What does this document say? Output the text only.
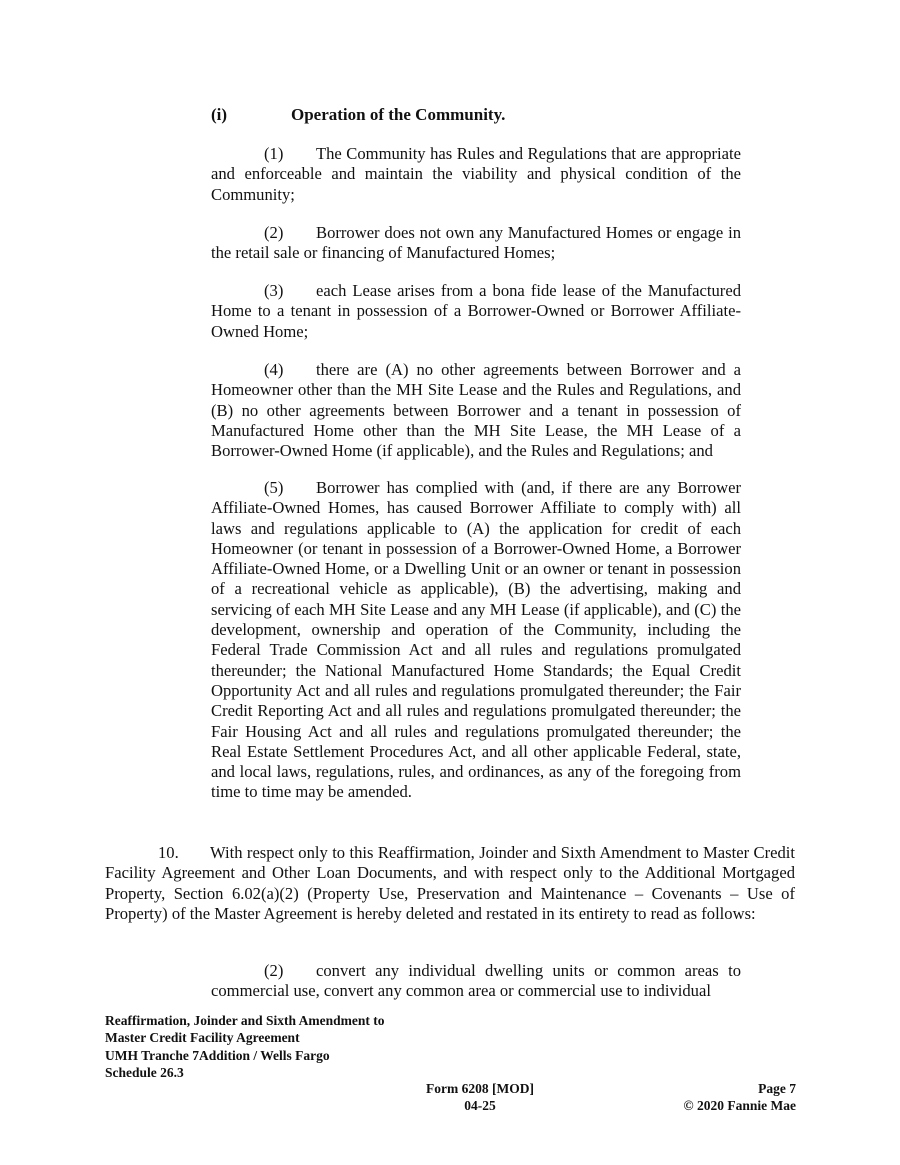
(i)	Operation of the Community.
(1) The Community has Rules and Regulations that are appropriate and enforceable and maintain the viability and physical condition of the Community;
(2) Borrower does not own any Manufactured Homes or engage in the retail sale or financing of Manufactured Homes;
(3) each Lease arises from a bona fide lease of the Manufactured Home to a tenant in possession of a Borrower-Owned or Borrower Affiliate-Owned Home;
(4) there are (A) no other agreements between Borrower and a Homeowner other than the MH Site Lease and the Rules and Regulations, and (B) no other agreements between Borrower and a tenant in possession of Manufactured Home other than the MH Site Lease, the MH Lease of a Borrower-Owned Home (if applicable), and the Rules and Regulations; and
(5) Borrower has complied with (and, if there are any Borrower Affiliate-Owned Homes, has caused Borrower Affiliate to comply with) all laws and regulations applicable to (A) the application for credit of each Homeowner (or tenant in possession of a Borrower-Owned Home, a Borrower Affiliate-Owned Home, or a Dwelling Unit or an owner or tenant in possession of a recreational vehicle as applicable), (B) the advertising, making and servicing of each MH Site Lease and any MH Lease (if applicable), and (C) the development, ownership and operation of the Community, including the Federal Trade Commission Act and all rules and regulations promulgated thereunder; the National Manufactured Home Standards; the Equal Credit Opportunity Act and all rules and regulations promulgated thereunder; the Fair Credit Reporting Act and all rules and regulations promulgated thereunder; the Fair Housing Act and all rules and regulations promulgated thereunder; the Real Estate Settlement Procedures Act, and all other applicable Federal, state, and local laws, regulations, rules, and ordinances, as any of the foregoing from time to time may be amended.
10. With respect only to this Reaffirmation, Joinder and Sixth Amendment to Master Credit Facility Agreement and Other Loan Documents, and with respect only to the Additional Mortgaged Property, Section 6.02(a)(2) (Property Use, Preservation and Maintenance – Covenants – Use of Property) of the Master Agreement is hereby deleted and restated in its entirety to read as follows:
(2) convert any individual dwelling units or common areas to commercial use, convert any common area or commercial use to individual
Reaffirmation, Joinder and Sixth Amendment to
Master Credit Facility Agreement
UMH Tranche 7Addition / Wells Fargo
Schedule 26.3
Form 6208 [MOD]
04-25
Page 7
© 2020 Fannie Mae
